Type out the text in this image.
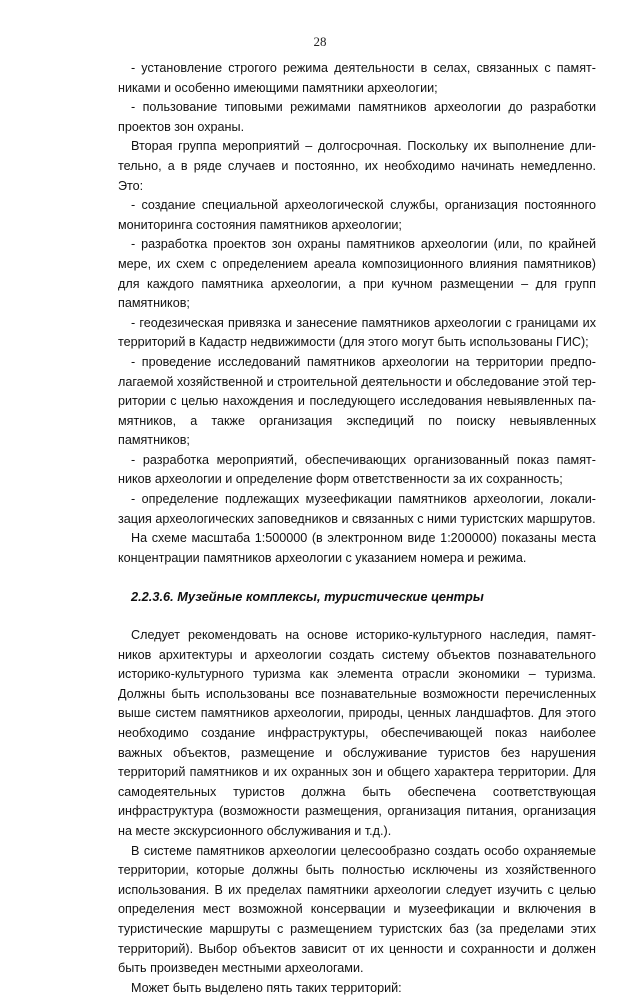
28

- установление строгого режима деятельности в селах, связанных с памятниками и особенно имеющими памятники археологии;

- пользование типовыми режимами памятников археологии до разработки проектов зон охраны.

Вторая группа мероприятий – долгосрочная. Поскольку их выполнение длительно, а в ряде случаев и постоянно, их необходимо начинать немедленно. Это:

- создание специальной археологической службы, организация постоянного мониторинга состояния памятников археологии;

- разработка проектов зон охраны памятников археологии (или, по крайней мере, их схем с определением ареала композиционного влияния памятников) для каждого памятника археологии, а при кучном размещении – для групп памятников;

- геодезическая привязка и занесение памятников археологии с границами их территорий в Кадастр недвижимости (для этого могут быть использованы ГИС);

- проведение исследований памятников археологии на территории предполагаемой хозяйственной и строительной деятельности и обследование этой территории с целью нахождения и последующего исследования невыявленных памятников, а также организация экспедиций по поиску невыявленных памятников;

- разработка мероприятий, обеспечивающих организованный показ памятников археологии и определение форм ответственности за их сохранность;

- определение подлежащих музеефикации памятников археологии, локализация археологических заповедников и связанных с ними туристских маршрутов.

На схеме масштаба 1:500000 (в электронном виде 1:200000) показаны места концентрации памятников археологии с указанием номера и режима.

2.2.3.6. Музейные комплексы, туристические центры

Следует рекомендовать на основе историко-культурного наследия, памятников архитектуры и археологии создать систему объектов познавательного историко-культурного туризма как элемента отрасли экономики – туризма. Должны быть использованы все познавательные возможности перечисленных выше систем памятников археологии, природы, ценных ландшафтов. Для этого необходимо создание инфраструктуры, обеспечивающей показ наиболее важных объектов, размещение и обслуживание туристов без нарушения территорий памятников и их охранных зон и общего характера территории. Для самодеятельных туристов должна быть обеспечена соответствующая инфраструктура (возможности размещения, организация питания, организация на месте экскурсионного обслуживания и т.д.).

В системе памятников археологии целесообразно создать особо охраняемые территории, которые должны быть полностью исключены из хозяйственного использования. В их пределах памятники археологии следует изучить с целью определения мест возможной консервации и музеефикации и включения в туристические маршруты с размещением туристских баз (за пределами этих территорий). Выбор объектов зависит от их ценности и сохранности и должен быть произведен местными археологами.

Может быть выделено пять таких территорий:
